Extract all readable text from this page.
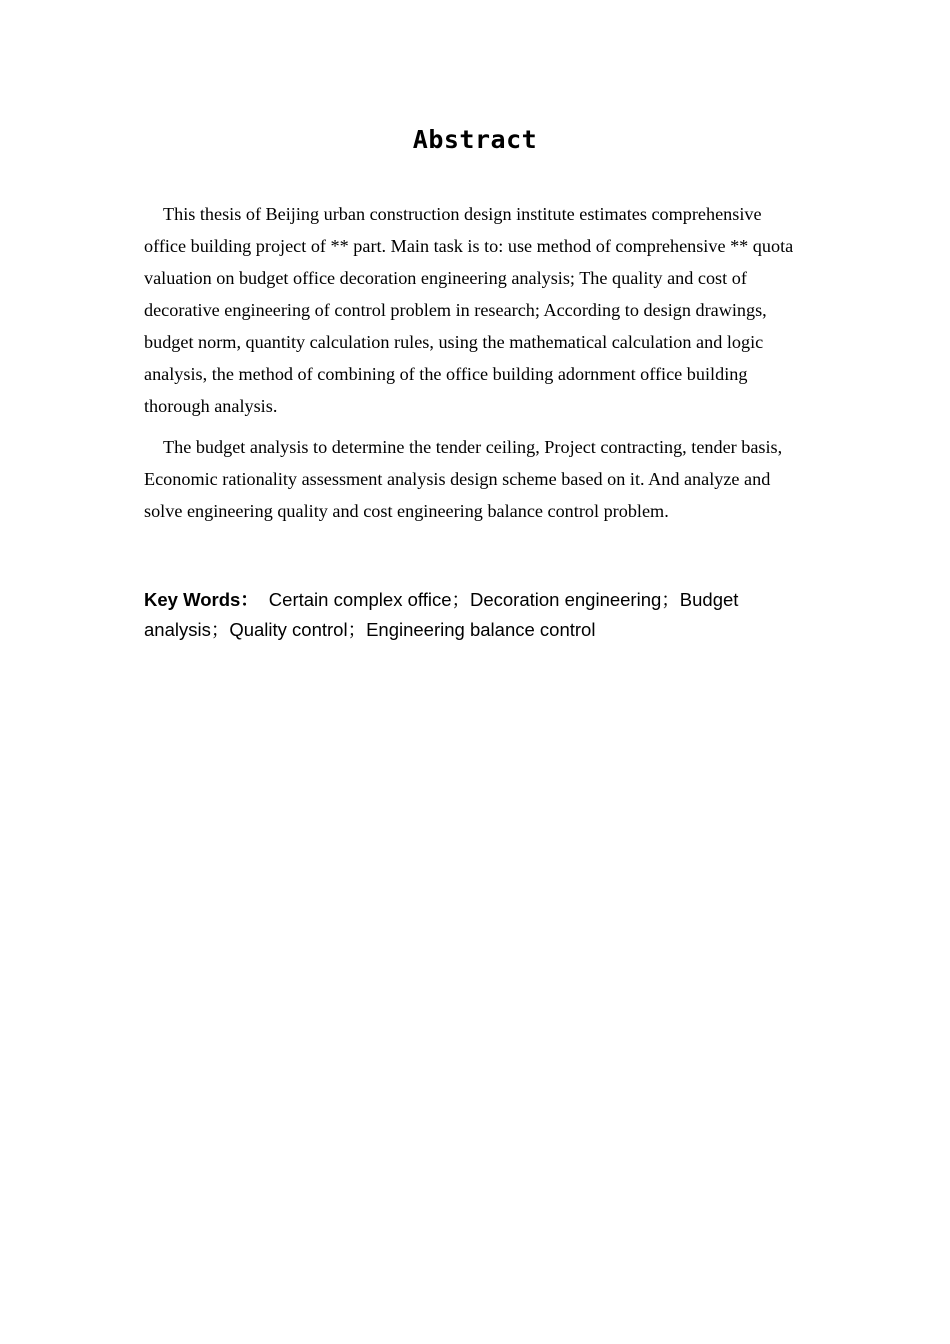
Abstract

This thesis of Beijing urban construction design institute estimates comprehensive office building project of ** part. Main task is to: use method of comprehensive ** quota valuation on budget office decoration engineering analysis; The quality and cost of decorative engineering of control problem in research; According to design drawings, budget norm, quantity calculation rules, using the mathematical calculation and logic analysis, the method of combining of the office building adornment office building thorough analysis.

The budget analysis to determine the tender ceiling, Project contracting, tender basis, Economic rationality assessment analysis design scheme based on it. And analyze and solve engineering quality and cost engineering balance control problem.

Key Words： Certain complex office；Decoration engineering；Budget analysis；Quality control；Engineering balance control
